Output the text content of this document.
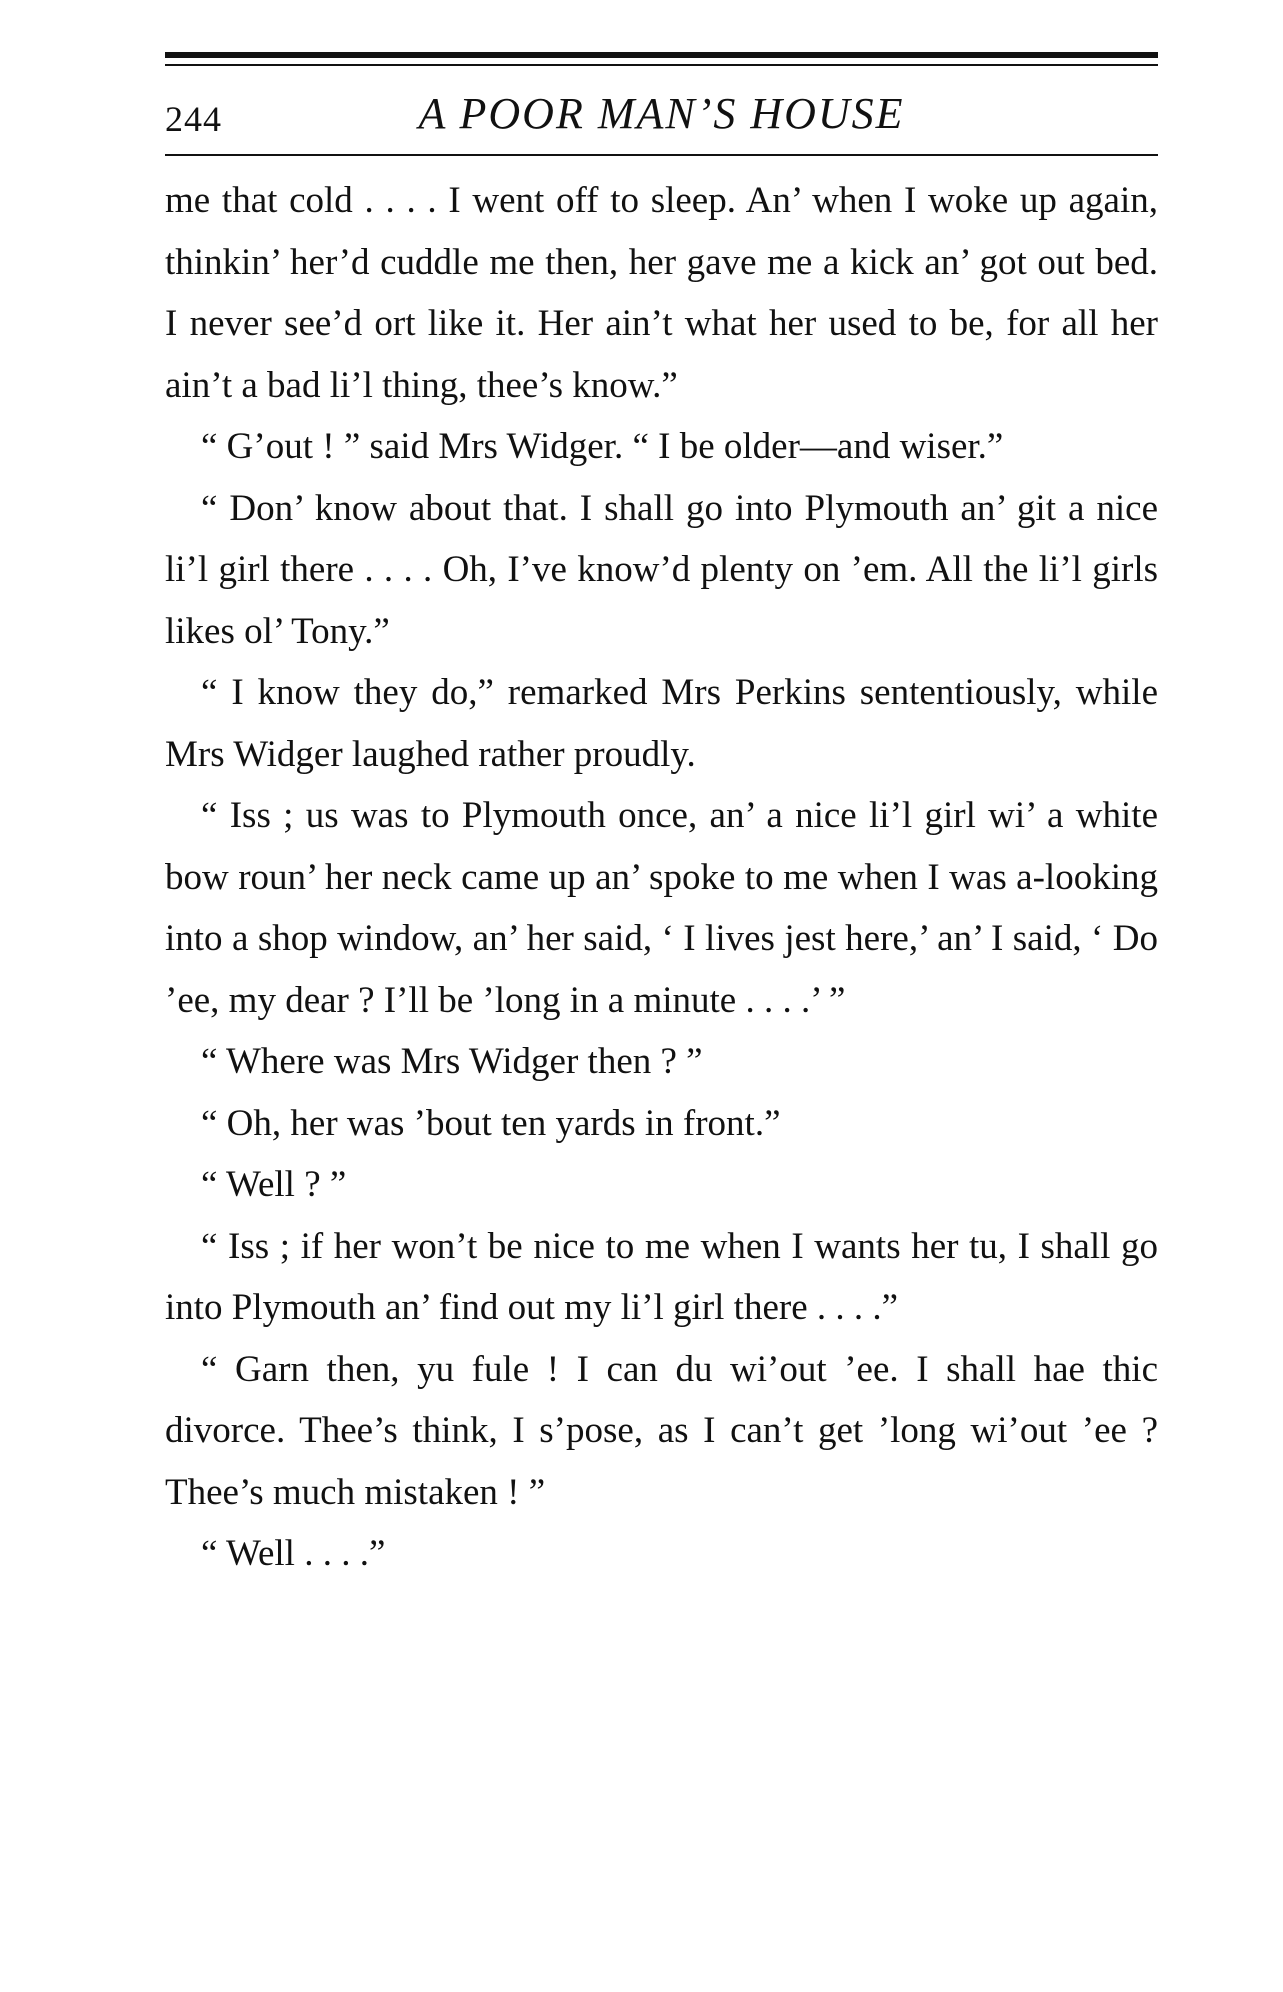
244	A POOR MAN’S HOUSE

me that cold . . . . I went off to sleep. An’ when I woke up again, thinkin’ her’d cuddle me then, her gave me a kick an’ got out bed. I never see’d ort like it. Her ain’t what her used to be, for all her ain’t a bad li’l thing, thee’s know.”

“ G’out ! ” said Mrs Widger. “ I be older—and wiser.”

“ Don’ know about that. I shall go into Plymouth an’ git a nice li’l girl there . . . . Oh, I’ve know’d plenty on ’em. All the li’l girls likes ol’ Tony.”

“ I know they do,” remarked Mrs Perkins sententiously, while Mrs Widger laughed rather proudly.

“ Iss ; us was to Plymouth once, an’ a nice li’l girl wi’ a white bow roun’ her neck came up an’ spoke to me when I was a-looking into a shop window, an’ her said, ‘ I lives jest here,’ an’ I said, ‘ Do ’ee, my dear ? I’ll be ’long in a minute . . . .’ ”

“ Where was Mrs Widger then ? ”

“ Oh, her was ’bout ten yards in front.”

“ Well ? ”

“ Iss ; if her won’t be nice to me when I wants her tu, I shall go into Plymouth an’ find out my li’l girl there . . . .”

“ Garn then, yu fule ! I can du wi’out ’ee. I shall hae thic divorce. Thee’s think, I s’pose, as I can’t get ’long wi’out ’ee ? Thee’s much mistaken ! ”

“ Well . . . .”
